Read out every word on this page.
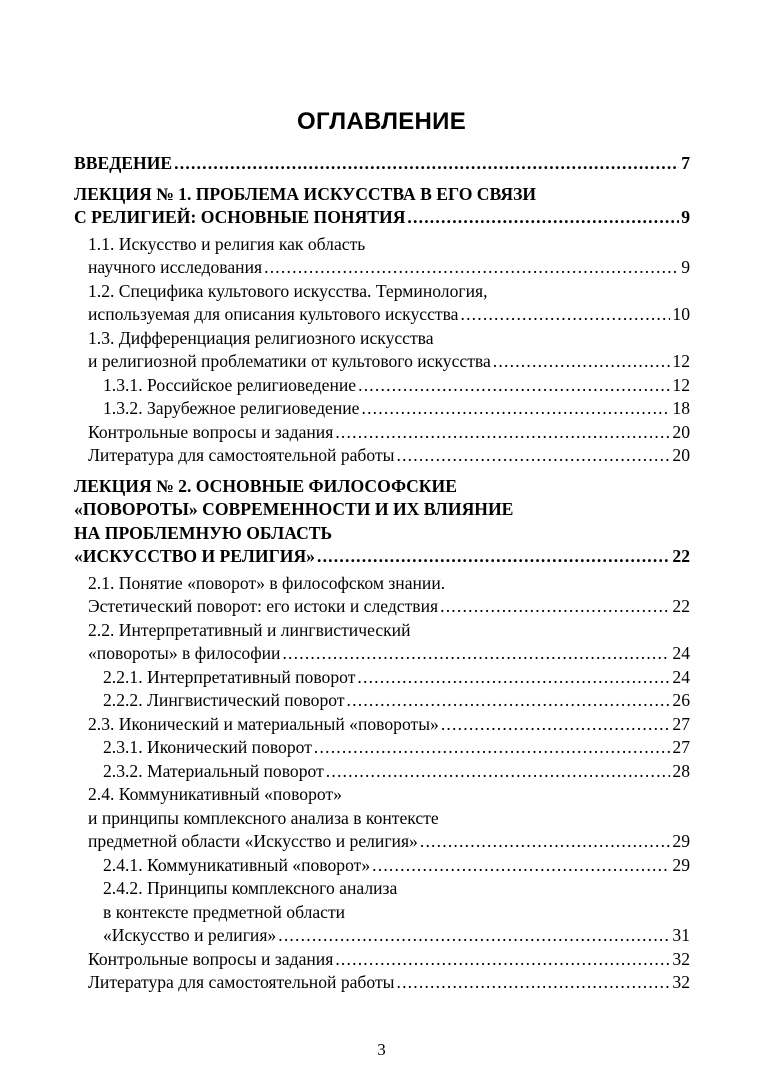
ОГЛАВЛЕНИЕ
ВВЕДЕНИЕ .....	7
ЛЕКЦИЯ № 1. ПРОБЛЕМА ИСКУССТВА В ЕГО СВЯЗИ
С РЕЛИГИЕЙ: ОСНОВНЫЕ ПОНЯТИЯ .....	9
1.1. Искусство и религия как область
научного исследования .....	9
1.2. Специфика культового искусства. Терминология,
используемая для описания культового искусства .....	10
1.3. Дифференциация религиозного искусства
и религиозной проблематики от культового искусства .....	12
1.3.1. Российское религиоведение .....	12
1.3.2. Зарубежное религиоведение .....	18
Контрольные вопросы и задания .....	20
Литература для самостоятельной работы .....	20
ЛЕКЦИЯ № 2. ОСНОВНЫЕ ФИЛОСОФСКИЕ
«ПОВОРОТЫ» СОВРЕМЕННОСТИ И ИХ ВЛИЯНИЕ
НА ПРОБЛЕМНУЮ ОБЛАСТЬ
«ИСКУССТВО И РЕЛИГИЯ» .....	22
2.1. Понятие «поворот» в философском знании.
Эстетический поворот: его истоки и следствия .....	22
2.2. Интерпретативный и лингвистический
«повороты» в философии .....	24
2.2.1. Интерпретативный поворот .....	24
2.2.2. Лингвистический поворот .....	26
2.3. Иконический и материальный «повороты» .....	27
2.3.1. Иконический поворот .....	27
2.3.2. Материальный поворот .....	28
2.4. Коммуникативный «поворот»
и принципы комплексного анализа в контексте
предметной области «Искусство и религия» .....	29
2.4.1. Коммуникативный «поворот» .....	29
2.4.2. Принципы комплексного анализа
в контексте предметной области
«Искусство и религия» .....	31
Контрольные вопросы и задания .....	32
Литература для самостоятельной работы .....	32
3
